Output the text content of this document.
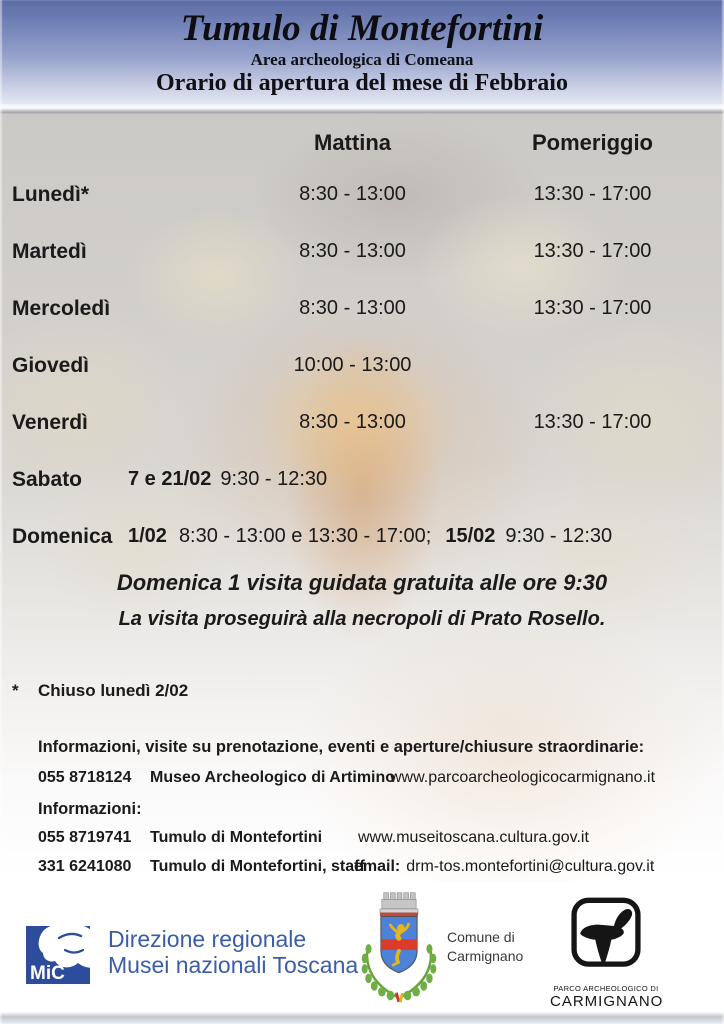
Tumulo di Montefortini
Area archeologica di Comeana
Orario di apertura del mese di Febbraio
Mattina	Pomeriggio
Lunedì*	8:30 - 13:00	13:30 - 17:00
Martedì	8:30 - 13:00	13:30 - 17:00
Mercoledì	8:30 - 13:00	13:30 - 17:00
Giovedì	10:00 - 13:00
Venerdì	8:30 - 13:00	13:30 - 17:00
Sabato	7 e 21/02 9:30 - 12:30
Domenica 1/02 8:30 - 13:00 e 13:30 - 17:00; 15/02 9:30 - 12:30
Domenica 1 visita guidata gratuita alle ore 9:30
La visita proseguirà alla necropoli di Prato Rosello.
*	Chiuso lunedì 2/02
Informazioni, visite su prenotazione, eventi e aperture/chiusure straordinarie:
055 8718124	Museo Archeologico di Artimino
www.parcoarcheologicocarmignano.it
Informazioni:
055 8719741	Tumulo di Montefortini	www.museitoscana.cultura.gov.it
331 6241080	Tumulo di Montefortini, staff
email: drm-tos.montefortini@cultura.gov.it
MiC
Direzione regionale
Musei nazionali Toscana
Comune di
Carmignano
PARCO ARCHEOLOGICO DI
CARMIGNANO
